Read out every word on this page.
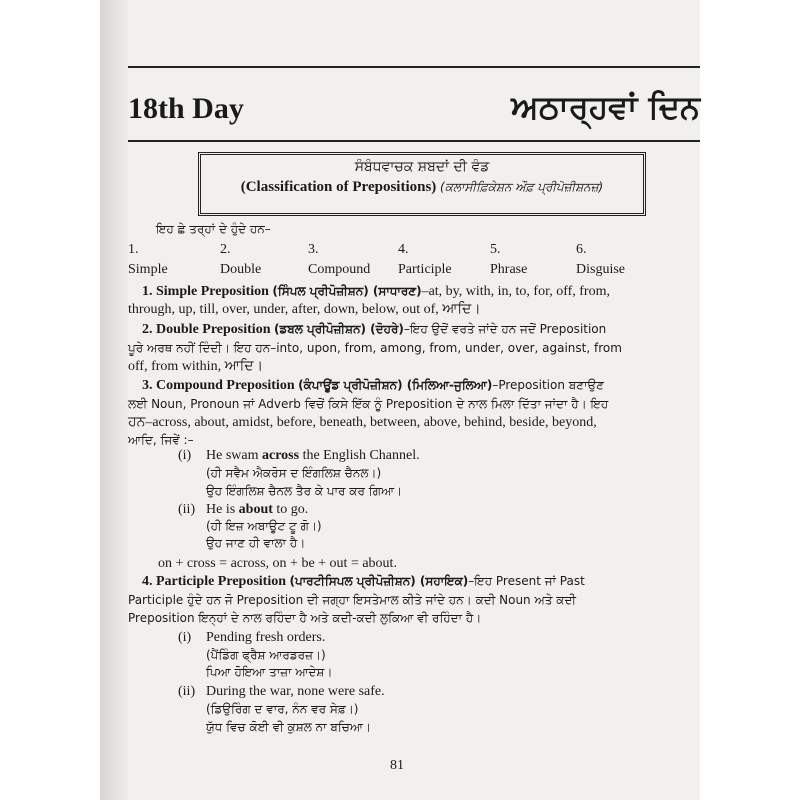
18th Day	ਅਠਾਰ੍ਹਵਾਂ ਦਿਨ
ਸੰਬੰਧਵਾਚਕ ਸ਼ਬਦਾਂ ਦੀ ਵੰਡ
(Classification of Prepositions) (ਕਲਾਸੀਫ਼ਿਕੇਸ਼ਨ ਔਫ਼ ਪ੍ਰੀਪੋਜ਼ੀਸ਼ਨਜ਼)
ਇਹ ਛੇ ਤਰ੍ਹਾਂ ਦੇ ਹੁੰਦੇ ਹਨ–
1.
Simple
2.
Double
3.
Compound
4.
Participle
5.
Phrase
6.
Disguise
1. Simple Preposition (ਸਿੰਪਲ ਪ੍ਰੀਪੋਜ਼ੀਸ਼ਨ) (ਸਾਧਾਰਣ)–at, by, with, in, to, for, off, from,
through, up, till, over, under, after, down, below, out of, ਆਦਿ।
2. Double Preposition (ਡਬਲ ਪ੍ਰੀਪੋਜ਼ੀਸ਼ਨ) (ਦੋਹਰੇ)–ਇਹ ਉਦੋਂ ਵਰਤੇ ਜਾਂਦੇ ਹਨ ਜਦੋਂ Preposition
ਪੂਰੇ ਅਰਥ ਨਹੀਂ ਦਿੰਦੀ। ਇਹ ਹਨ–into, upon, from, among, from, under, over, against, from
off, from within, ਆਦਿ।
3. Compound Preposition (ਕੰਪਾਊਂਡ ਪ੍ਰੀਪੋਜ਼ੀਸ਼ਨ) (ਮਿਲਿਆ-ਜੁਲਿਆ)–Preposition ਬਣਾਉਣ
ਲਈ Noun, Pronoun ਜਾਂ Adverb ਵਿਚੋਂ ਕਿਸੇ ਇੱਕ ਨੂੰ Preposition ਦੇ ਨਾਲ ਮਿਲਾ ਦਿੱਤਾ ਜਾਂਦਾ ਹੈ। ਇਹ
ਹਨ–across, about, amidst, before, beneath, between, above, behind, beside, beyond,
ਆਦਿ, ਜਿਵੇਂ :–
(i) He swam across the English Channel.
(ਹੀ ਸਵੈਮ ਐਕਰੋਸ ਦ ਇੰਗਲਿਸ਼ ਚੈਨਲ।)
ਉਹ ਇੰਗਲਿਸ਼ ਚੈਨਲ ਤੈਰ ਕੇ ਪਾਰ ਕਰ ਗਿਆ।
(ii) He is about to go.
(ਹੀ ਇਜ਼ ਅਬਾਊਟ ਟੂ ਗੋ।)
ਉਹ ਜਾਣ ਹੀ ਵਾਲਾ ਹੈ।
on + cross = across, on + be + out = about.
4. Participle Preposition (ਪਾਰਟੀਸਿਪਲ ਪ੍ਰੀਪੋਜ਼ੀਸ਼ਨ) (ਸਹਾਇਕ)–ਇਹ Present ਜਾਂ Past
Participle ਹੁੰਦੇ ਹਨ ਜੋ Preposition ਦੀ ਜਗ੍ਹਾ ਇਸਤੇਮਾਲ ਕੀਤੇ ਜਾਂਦੇ ਹਨ। ਕਦੀ Noun ਅਤੇ ਕਦੀ
Preposition ਇਨ੍ਹਾਂ ਦੇ ਨਾਲ ਰਹਿੰਦਾ ਹੈ ਅਤੇ ਕਦੀ-ਕਦੀ ਲੁਕਿਆ ਵੀ ਰਹਿੰਦਾ ਹੈ।
(i) Pending fresh orders.
(ਪੈਂਡਿੰਗ ਫ੍ਰੈਸ਼ ਆਰਡਰਜ਼।)
ਪਿਆ ਹੋਇਆ ਤਾਜ਼ਾ ਆਦੇਸ਼।
(ii) During the war, none were safe.
(ਡਿਉਰਿੰਗ ਦ ਵਾਰ, ਨੰਨ ਵਰ ਸੇਫ਼।)
ਯੁੱਧ ਵਿਚ ਕੋਈ ਵੀ ਕੁਸ਼ਲ ਨਾ ਬਚਿਆ।
81
